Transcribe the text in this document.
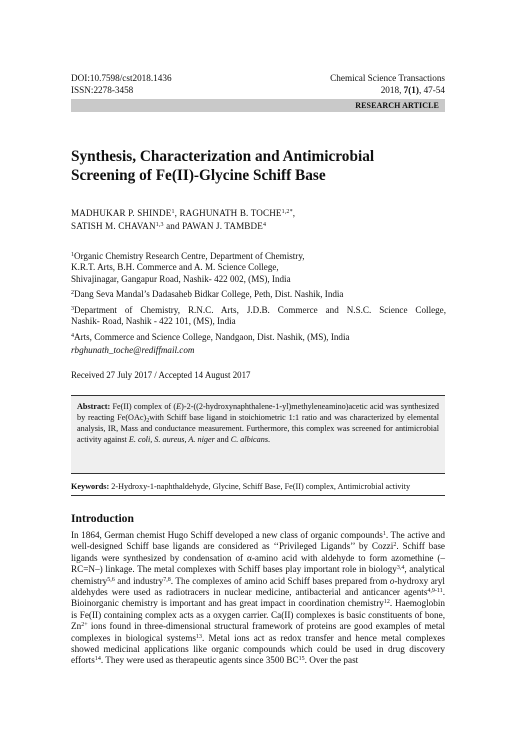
DOI:10.7598/cst2018.1436	Chemical Science Transactions
ISSN:2278-3458	2018, 7(1), 47-54
RESEARCH ARTICLE
Synthesis, Characterization and Antimicrobial
Screening of Fe(II)-Glycine Schiff Base
MADHUKAR P. SHINDE$^1$, RAGHUNATH B. $TOCHE^{1,2*}$,
SATISH M. CHAVAN$^{1,3}$ and PAWAN J. TAMBDE$^4$
$^1$Organic Chemistry Research Centre, Department of Chemistry,
K.R.T. Arts, B.H. Commerce and A. M. Science College,
Shivajinagar, Gangapur Road, Nashik- 422 002, (MS), India
$^2$Dang Seva Mandal’s Dadasaheb Bidkar College, Peth, Dist. Nashik, India
$^3$Department of Chemistry, R.N.C. Arts, J.D.B. Commerce and N.S.C. Science College,
Nashik- Road, Nashik - 422 101, (MS), India
$^4$Arts, Commerce and Science College, Nandgaon, Dist. Nashik, (MS), India
rbghunath_toche@rediffmail.com
Received 27 July 2017 / Accepted 14 August 2017
Abstract: Fe(II) complex of (E)-2-((2-hydroxynaphthalene-1-yl)methyleneamino)acetic acid was synthesized by reacting $Fe(OAc)_2with$ Schiff base ligand in stoichiometric 1:1 ratio and was characterized by elemental analysis, IR, Mass and conductance measurement. Furthermore, this complex was screened for antimicrobial activity against E. coli, S. aureus, A. niger and C. albicans.
Keywords: 2-Hydroxy-1-naphthaldehyde, Glycine, Schiff Base, Fe(II) complex, Antimicrobial activity
Introduction
In 1864, German chemist Hugo Schiff developed a new class of organic compounds$^1$. The active and well-designed Schiff base ligands are considered as ‘‘Privileged Ligands’’ by Cozzi$^2$. Schiff base ligands were synthesized by condensation of α-amino acid with aldehyde to form azomethine (–RC=N–) linkage. The metal complexes with Schiff bases play important role in biology$^{3,4}$, analytical chemistry$^{5,6}$ and industry$^{7,8}$. The complexes of amino acid Schiff bases prepared from o-hydroxy aryl aldehydes were used as radiotracers in nuclear medicine, antibacterial and anticancer agents$^{4,9-11}$. Bioinorganic chemistry is important and has great impact in coordination chemistry$^{12}$. Haemoglobin is Fe(II) containing complex acts as a oxygen carrier. Ca(II) complexes is basic constituents of bone, $Zn^{2+}$ ions found in three-dimensional structural framework of proteins are good examples of metal complexes in biological systems$^{13}$. Metal ions act as redox transfer and hence metal complexes showed medicinal applications like organic compounds which could be used in drug discovery efforts$^{14}$. They were used as therapeutic agents since 3500 BC$^{15}$. Over the past
